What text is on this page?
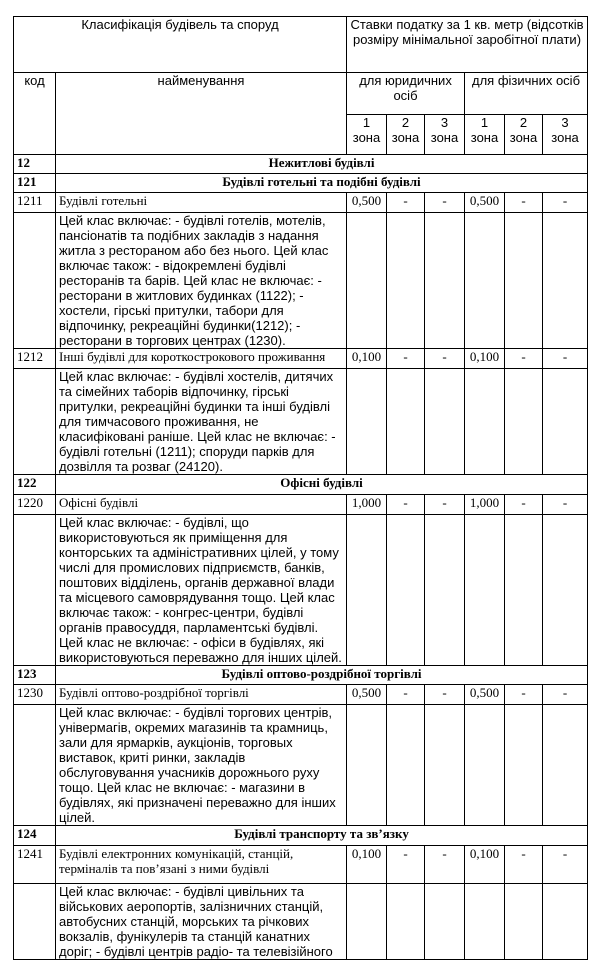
Класифікація будівель та споруд		Ставки податку за 1 кв. метр (відсотків розміру мінімальної заробітної плати)					
код	найменування	для юридичних осіб			для фізичних осіб		
		1 зона	2 зона	3 зона	1 зона	2 зона	3 зона
12	Нежитлові будівлі						
121	Будівлі готельні та подібні будівлі						
1211	Будівлі готельні	0,500	-	-	0,500	-	-
	Цей клас включає: - будівлі готелів, мотелів, пансіонатів та подібних закладів з надання житла з рестораном або без нього. Цей клас включає також: - відокремлені будівлі ресторанів та барів. Цей клас не включає: - ресторани в житлових будинках (1122); - хостели, гірські притулки, табори для відпочинку, рекреаційні будинки(1212); - ресторани в торгових центрах (1230).						
1212	Інші будівлі для короткострокового проживання	0,100	-	-	0,100	-	-
	Цей клас включає: - будівлі хостелів, дитячих та сімейних таборів відпочинку, гірські притулки, рекреаційні будинки та інші будівлі для тимчасового проживання, не класифіковані раніше. Цей клас не включає: - будівлі готельні (1211); споруди парків для дозвілля та розваг (24120).						
122	Офісні будівлі						
1220	Офісні будівлі	1,000	-	-	1,000	-	-
	Цей клас включає: - будівлі, що використовуються як приміщення для конторських та адміністративних цілей, у тому числі для промислових підприємств, банків, поштових відділень, органів державної влади та місцевого самоврядування тощо. Цей клас включає також: - конгрес-центри, будівлі органів правосуддя, парламентські будівлі. Цей клас не включає: - офіси в будівлях, які використовуються переважно для інших цілей.						
123	Будівлі оптово-роздрібної торгівлі						
1230	Будівлі оптово-роздрібної торгівлі	0,500	-	-	0,500	-	-
	Цей клас включає: - будівлі торгових центрів, універмагів, окремих магазинів та крамниць, зали для ярмарків, аукціонів, торговых виставок, криті ринки, закладів обслуговування учасників дорожнього руху тощо. Цей клас не включає: - магазини в будівлях, які призначені переважно для інших цілей.						
124	Будівлі транспорту та зв’язку						
1241	Будівлі електронних комунікацій, станцій, терміналів та пов’язані з ними будівлі	0,100	-	-	0,100	-	-
	Цей клас включає: - будівлі цивільних та військових аеропортів, залізничних станцій, автобусних станцій, морських та річкових вокзалів, фунікулерів та станцій канатних доріг; - будівлі центрів радіо- та телевізійного						
